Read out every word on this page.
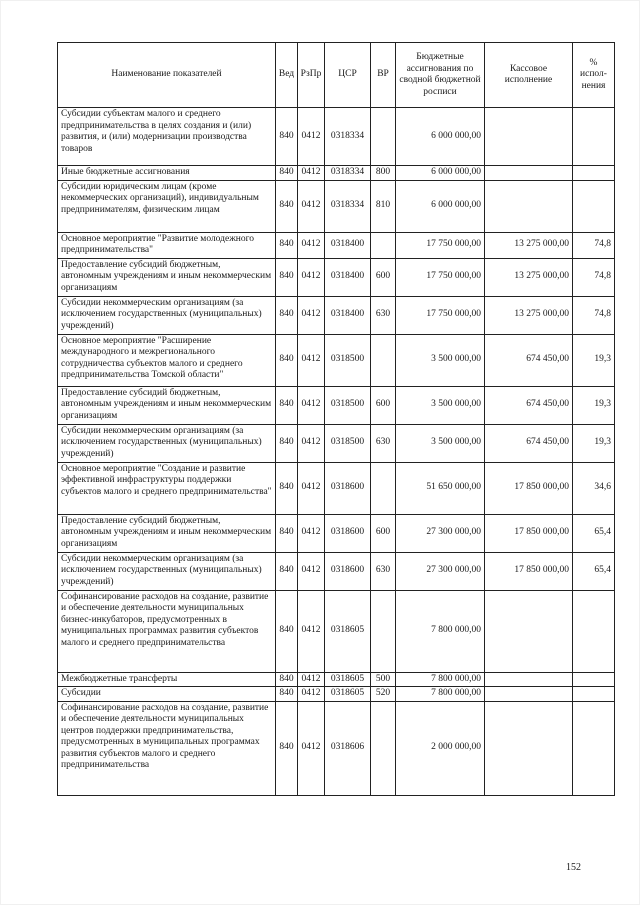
Наименование показателей	Вед	РзПр	ЦСР	ВР	Бюджетные ассигнования по сводной бюджетной росписи	Кассовое исполнение	% испол-нения
Субсидии субъектам малого и среднего предпринимательства в целях создания и (или) развития, и (или) модернизации производства товаров	840	0412	0318334		6 000 000,00		
Иные бюджетные ассигнования	840	0412	0318334	800	6 000 000,00		
Субсидии юридическим лицам (кроме некоммерческих организаций), индивидуальным предпринимателям, физическим лицам	840	0412	0318334	810	6 000 000,00		
Основное мероприятие "Развитие молодежного предпринимательства"	840	0412	0318400		17 750 000,00	13 275 000,00	74,8
Предоставление субсидий бюджетным, автономным учреждениям и иным некоммерческим организациям	840	0412	0318400	600	17 750 000,00	13 275 000,00	74,8
Субсидии некоммерческим организациям (за исключением государственных (муниципальных) учреждений)	840	0412	0318400	630	17 750 000,00	13 275 000,00	74,8
Основное мероприятие "Расширение международного и межрегионального сотрудничества субъектов малого и среднего предпринимательства Томской области"	840	0412	0318500		3 500 000,00	674 450,00	19,3
Предоставление субсидий бюджетным, автономным учреждениям и иным некоммерческим организациям	840	0412	0318500	600	3 500 000,00	674 450,00	19,3
Субсидии некоммерческим организациям (за исключением государственных (муниципальных) учреждений)	840	0412	0318500	630	3 500 000,00	674 450,00	19,3
Основное мероприятие "Создание и развитие эффективной инфраструктуры поддержки субъектов малого и среднего предпринимательства"	840	0412	0318600		51 650 000,00	17 850 000,00	34,6
Предоставление субсидий бюджетным, автономным учреждениям и иным некоммерческим организациям	840	0412	0318600	600	27 300 000,00	17 850 000,00	65,4
Субсидии некоммерческим организациям (за исключением государственных (муниципальных) учреждений)	840	0412	0318600	630	27 300 000,00	17 850 000,00	65,4
Софинансирование расходов на создание, развитие и обеспечение деятельности муниципальных бизнес-инкубаторов, предусмотренных в муниципальных программах развития субъектов малого и среднего предпринимательства	840	0412	0318605		7 800 000,00		
Межбюджетные трансферты	840	0412	0318605	500	7 800 000,00		
Субсидии	840	0412	0318605	520	7 800 000,00		
Софинансирование расходов на создание, развитие и обеспечение деятельности муниципальных центров поддержки предпринимательства, предусмотренных в муниципальных программах развития субъектов малого и среднего предпринимательства	840	0412	0318606		2 000 000,00		
152
